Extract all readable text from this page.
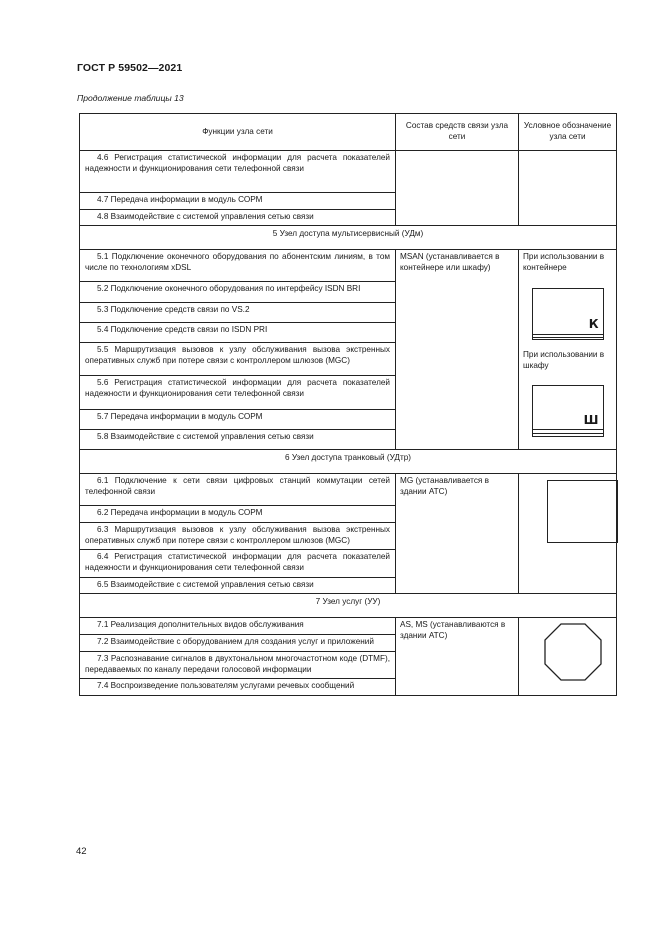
ГОСТ Р 59502—2021
Продолжение таблицы 13
Функции узла сети	Состав средств связи узла сети	Условное обозначение узла сети
4.6 Регистрация статистической информации для расчета показателей надежности и функционирования сети телефонной связи		
4.7 Передача информации в модуль СОРМ		
4.8 Взаимодействие с системой управления сетью связи		
5 Узел доступа мультисервисный (УДм)		
5.1 Подключение оконечного оборудования по абонентским линиям, в том числе по технологиям xDSL	MSAN (устанавливается в контейнере или шкафу)	При использовании в контейнере
К
При использовании в шкафу
Ш

5.2 Подключение оконечного оборудования по интерфейсу ISDN BRI		
5.3 Подключение средств связи по VS.2		
5.4 Подключение средств связи по ISDN PRI		
5.5 Маршрутизация вызовов к узлу обслуживания вызова экстренных оперативных служб при потере связи с контроллером шлюзов (MGC)		
5.6 Регистрация статистической информации для расчета показателей надежности и функционирования сети телефонной связи		
5.7 Передача информации в модуль СОРМ		
5.8 Взаимодействие с системой управления сетью связи		
6 Узел доступа транковый (УДтр)		
6.1 Подключение к сети связи цифровых станций коммутации сетей телефонной связи	MG (устанавливается в здании АТС)	

6.2 Передача информации в модуль СОРМ		
6.3 Маршрутизация вызовов к узлу обслуживания вызова экстренных оперативных служб при потере связи с контроллером шлюзов (MGC)		
6.4 Регистрация статистической информации для расчета показателей надежности и функционирования сети телефонной связи		
6.5 Взаимодействие с системой управления сетью связи		
7 Узел услуг (УУ)		
7.1 Реализация дополнительных видов обслуживания	AS, MS (устанавливаются в здании АТС)	

7.2 Взаимодействие с оборудованием для создания услуг и приложений		
7.3 Распознавание сигналов в двухтональном многочастотном коде (DTMF), передаваемых по каналу передачи голосовой информации		
7.4 Воспроизведение пользователям услугами речевых сообщений		
42
